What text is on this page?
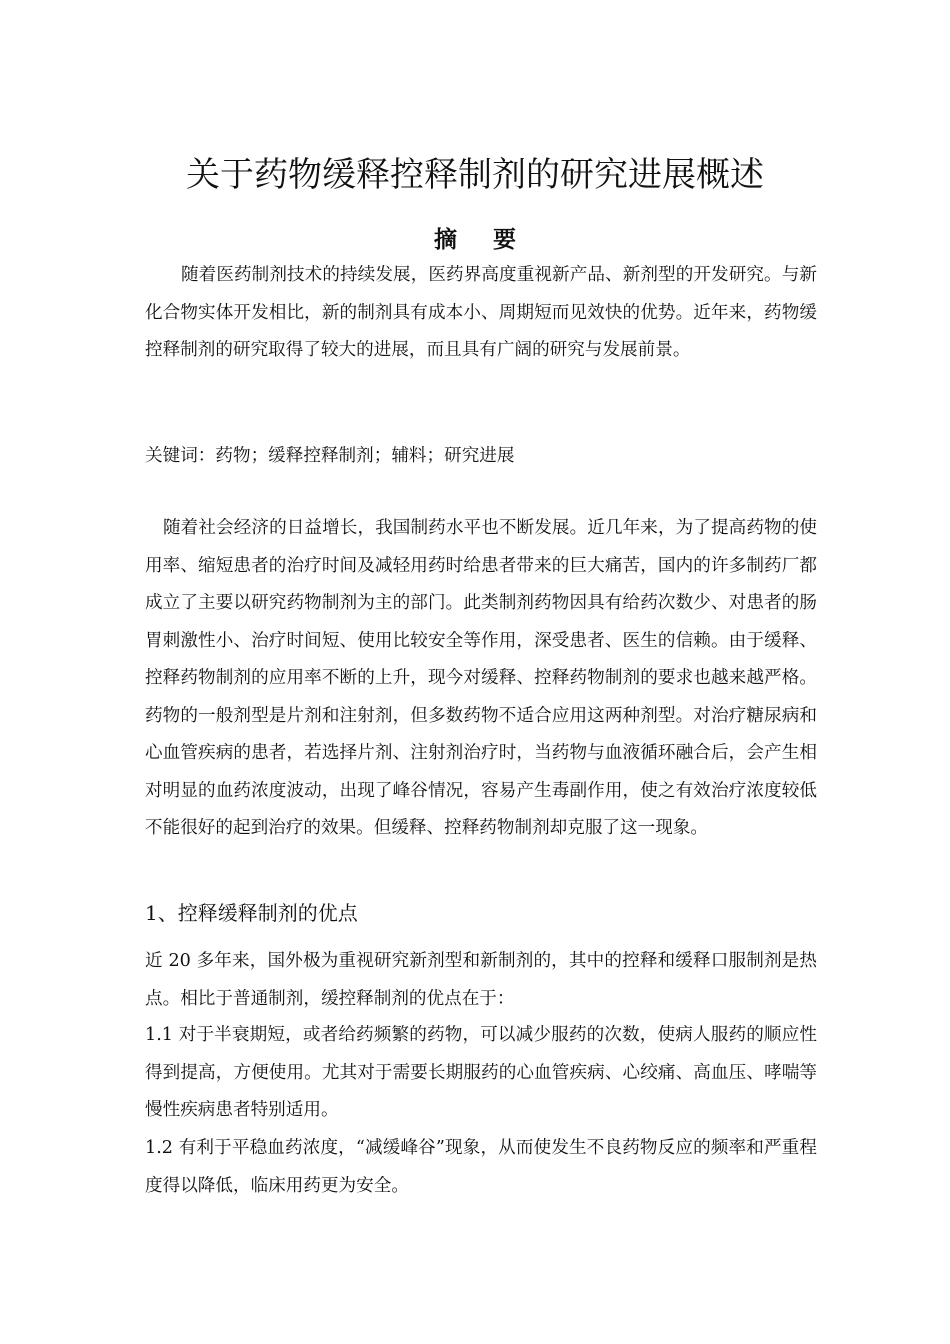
关于药物缓释控释制剂的研究进展概述
摘 要

随着医药制剂技术的持续发展，医药界高度重视新产品、新剂型的开发研究。与新化合物实体开发相比，新的制剂具有成本小、周期短而见效快的优势。近年来，药物缓控释制剂的研究取得了较大的进展，而且具有广阔的研究与发展前景。

关键词：药物；缓释控释制剂；辅料；研究进展

随着社会经济的日益增长，我国制药水平也不断发展。近几年来，为了提高药物的使用率、缩短患者的治疗时间及减轻用药时给患者带来的巨大痛苦，国内的许多制药厂都成立了主要以研究药物制剂为主的部门。此类制剂药物因具有给药次数少、对患者的肠胃刺激性小、治疗时间短、使用比较安全等作用，深受患者、医生的信赖。由于缓释、控释药物制剂的应用率不断的上升，现今对缓释、控释药物制剂的要求也越来越严格。药物的一般剂型是片剂和注射剂，但多数药物不适合应用这两种剂型。对治疗糖尿病和心血管疾病的患者，若选择片剂、注射剂治疗时，当药物与血液循环融合后，会产生相对明显的血药浓度波动，出现了峰谷情况，容易产生毒副作用，使之有效治疗浓度较低不能很好的起到治疗的效果。但缓释、控释药物制剂却克服了这一现象。

1、控释缓释制剂的优点

近 20 多年来，国外极为重视研究新剂型和新制剂的，其中的控释和缓释口服制剂是热点。相比于普通制剂，缓控释制剂的优点在于：

1.1 对于半衰期短，或者给药频繁的药物，可以减少服药的次数，使病人服药的顺应性得到提高，方便使用。尤其对于需要长期服药的心血管疾病、心绞痛、高血压、哮喘等慢性疾病患者特别适用。

1.2 有利于平稳血药浓度，“减缓峰谷”现象，从而使发生不良药物反应的频率和严重程度得以降低，临床用药更为安全。
